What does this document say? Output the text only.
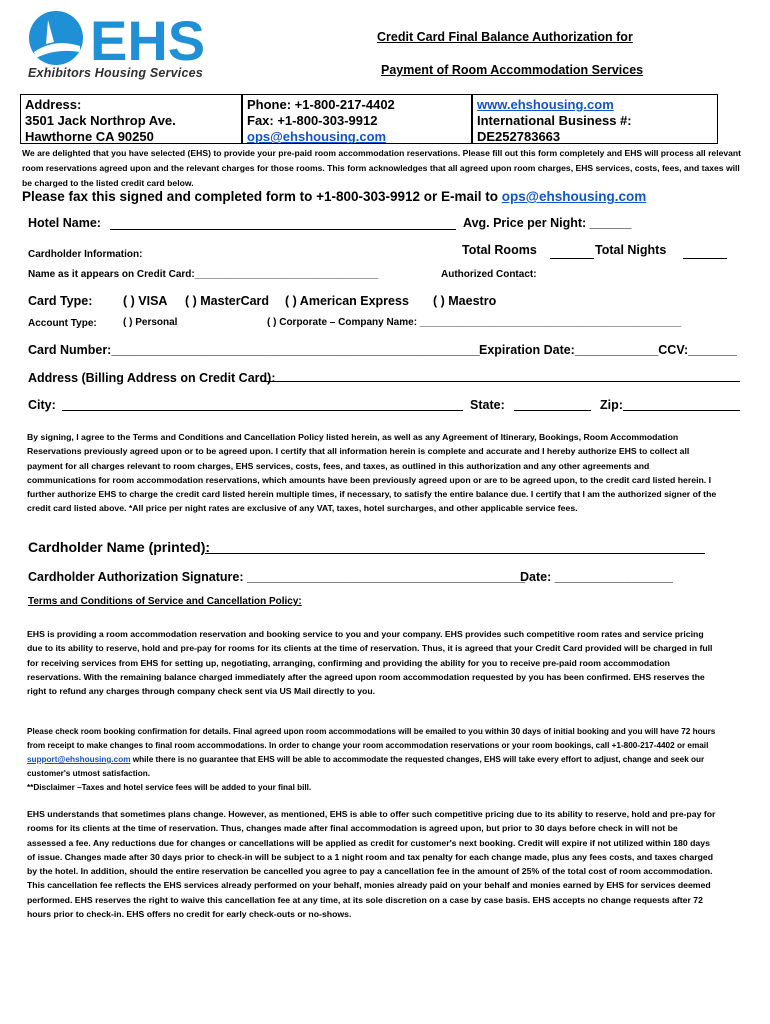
EHS
Exhibitors Housing Services
Credit Card Final Balance Authorization for
Payment of Room Accommodation Services
Address:
3501 Jack Northrop Ave.
Hawthorne CA 90250
Phone: +1-800-217-4402
Fax: +1-800-303-9912
ops@ehshousing.com
www.ehshousing.com
International Business #: DE252783663
We are delighted that you have selected (EHS) to provide your pre-paid room accommodation reservations. Please fill out this form completely and EHS will process all relevant room reservations agreed upon and the relevant charges for those rooms. This form acknowledges that all agreed upon room charges, EHS services, costs, fees, and taxes will be charged to the listed credit card below.
Please fax this signed and completed form to +1-800-303-9912 or E-mail to ops@ehshousing.com
Hotel Name:	Avg. Price per Night: ______
Cardholder Information:	Total Rooms	Total Nights
Name as it appears on Credit Card:_________________________________	Authorized Contact:
Card Type: ( ) VISA ( ) MasterCard ( ) American Express ( ) Maestro
Account Type:	( ) Personal	( ) Corporate – Company Name: _______________________________________________
Card Number:_____________________________________________________ Expiration Date:____________CCV:_______
Address (Billing Address on Credit Card):
City:	State:	Zip:
By signing, I agree to the Terms and Conditions and Cancellation Policy listed herein, as well as any Agreement of Itinerary, Bookings, Room Accommodation Reservations previously agreed upon or to be agreed upon. I certify that all information herein is complete and accurate and I hereby authorize EHS to collect all payment for all charges relevant to room charges, EHS services, costs, fees, and taxes, as outlined in this authorization and any other agreements and communications for room accommodation reservations, which amounts have been previously agreed upon or are to be agreed upon, to the credit card listed herein. I further authorize EHS to charge the credit card listed herein multiple times, if necessary, to satisfy the entire balance due. I certify that I am the authorized signer of the credit card listed above. *All price per night rates are exclusive of any VAT, taxes, hotel surcharges, and other applicable service fees.
Cardholder Name (printed):
Cardholder Authorization Signature: ________________________________________
Date: _________________
Terms and Conditions of Service and Cancellation Policy:
EHS is providing a room accommodation reservation and booking service to you and your company. EHS provides such competitive room rates and service pricing due to its ability to reserve, hold and pre-pay for rooms for its clients at the time of reservation. Thus, it is agreed that your Credit Card provided will be charged in full for receiving services from EHS for setting up, negotiating, arranging, confirming and providing the ability for you to receive pre-paid room accommodation reservations. With the remaining balance charged immediately after the agreed upon room accommodation requested by you has been confirmed. EHS reserves the right to refund any charges through company check sent via US Mail directly to you.
Please check room booking confirmation for details. Final agreed upon room accommodations will be emailed to you within 30 days of initial booking and you will have 72 hours from receipt to make changes to final room accommodations. In order to change your room accommodation reservations or your room bookings, call +1-800-217-4402 or email support@ehshousing.com while there is no guarantee that EHS will be able to accommodate the requested changes, EHS will take every effort to adjust, change and seek our customer's utmost satisfaction.
**Disclaimer –Taxes and hotel service fees will be added to your final bill.
EHS understands that sometimes plans change. However, as mentioned, EHS is able to offer such competitive pricing due to its ability to reserve, hold and pre-pay for rooms for its clients at the time of reservation. Thus, changes made after final accommodation is agreed upon, but prior to 30 days before check in will not be assessed a fee. Any reductions due for changes or cancellations will be applied as credit for customer's next booking. Credit will expire if not utilized within 180 days of issue. Changes made after 30 days prior to check-in will be subject to a 1 night room and tax penalty for each change made, plus any fees costs, and taxes charged by the hotel. In addition, should the entire reservation be cancelled you agree to pay a cancellation fee in the amount of 25% of the total cost of room accommodation. This cancellation fee reflects the EHS services already performed on your behalf, monies already paid on your behalf and monies earned by EHS for services deemed performed. EHS reserves the right to waive this cancellation fee at any time, at its sole discretion on a case by case basis. EHS accepts no change requests after 72 hours prior to check-in. EHS offers no credit for early check-outs or no-shows.
